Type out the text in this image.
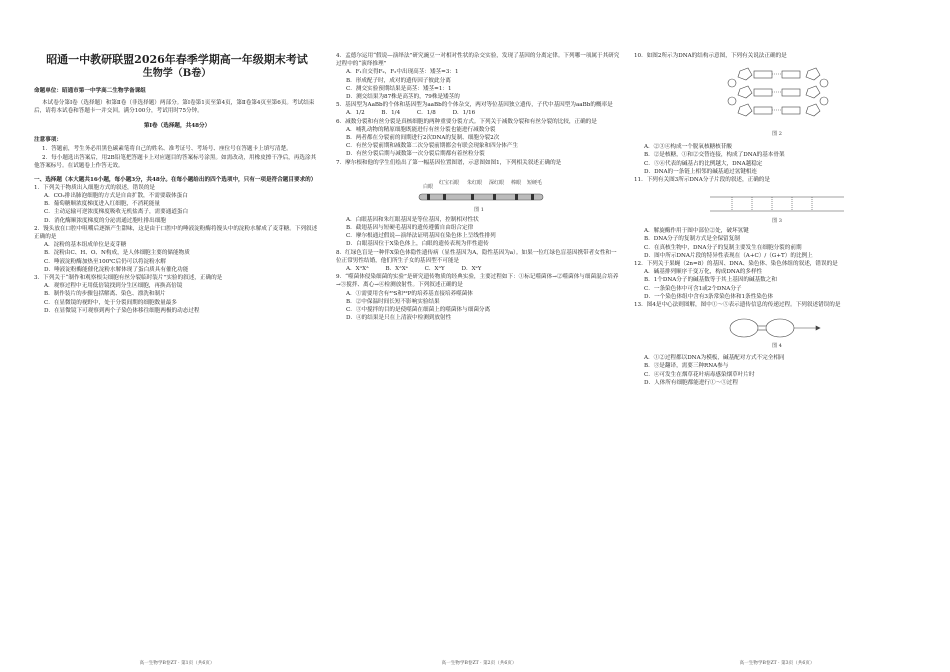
昭通一中教研联盟2026年春季学期高一年级期末考试

生物学（B卷）

命题单位：昭通市第一中学高二生物学备课组

本试卷分第Ⅰ卷（选择题）和第Ⅱ卷（非选择题）两部分。第Ⅰ卷第1页至第4页，第Ⅱ卷第4页至第6页。考试结束后，请将本试卷和答题卡一并交回。满分100分，考试用时75分钟。

第Ⅰ卷（选择题，共48分）

注意事项：

1．答题前，考生务必用黑色碳素笔将自己的姓名、准考证号、考场号、座位号在答题卡上填写清楚。

2．每小题选出答案后，用2B铅笔把答题卡上对应题目的答案标号涂黑。如需改动，用橡皮擦干净后，再选涂其他答案标号。在试题卷上作答无效。

一、选择题（本大题共16小题，每小题3分，共48分。在每小题给出的四个选项中，只有一项是符合题目要求的）

1．下列关于物质出入细胞方式的叙述，错误的是

A．CO₂排出肺泡细胞的方式是自由扩散，不需要载体蛋白

B．葡萄糖顺浓度梯度进入红细胞，不消耗能量

C．主动运输可逆浓度梯度吸收无机盐离子，需要通道蛋白

D．消化酶顺浓度梯度的分泌需通过胞吐排出细胞

2．馒头放在口腔中咀嚼后逐渐产生甜味，这是由于口腔中的唾液淀粉酶将馒头中的淀粉水解成了麦芽糖。下列叙述正确的是

A．淀粉的基本组成单位是麦芽糖

B．淀粉由C、H、O、N构成，是人体细胞主要的储能物质

C．唾液淀粉酶加热至100℃后仍可以将淀粉水解

D．唾液淀粉酶能催化淀粉水解体现了蛋白质具有催化功能

3．下列关于“制作和观察根尖细胞有丝分裂临时装片”实验的叙述，正确的是

A．观察过程中无用低倍镜找到分生区细胞，再换高倍镜

B．制作装片的步骤包括解离、染色、漂洗和制片

C．在显微镜的视野中，处于分裂间期的细胞数量最多

D．在显微镜下可观察到两个子染色体移往细胞两极的动态过程

4．孟德尔运用“假说—演绎法”研究豌豆一对相对性状的杂交实验，发现了基因的分离定律。下列哪一项属于其研究过程中的“演绎推理”

A．F₁自交得F₂，F₂中出现高茎：矮茎=3：1

B．形成配子时，成对的遗传因子彼此分离

C．测交实验预期结果是高茎：矮茎=1：1

D．测交结果为87株是高茎的，79株是矮茎的

5．基因型为AaBb的个体和基因型为aaBb的个体杂交，两对等位基因独立遗传，子代中基因型为aaBb的概率是

A．1/2　　　B．1/4　　　C．1/8　　　D．1/16

6．减数分裂和有丝分裂是真核细胞的两种重要分裂方式。下列关于减数分裂和有丝分裂的比较，正确的是

A．哺乳动物的精原细胞既能进行有丝分裂也能进行减数分裂

B．两者都在分裂前的间期进行2次DNA的复制、细胞分裂2次

C．有丝分裂前期和减数第二次分裂前期都会有联会现象和四分体产生

D．有丝分裂后期与减数第一次分裂后期都有着丝粒分裂

7．摩尔根和他的学生们绘出了第一幅基因位置图谱，示意图如图1，下列相关叙述正确的是

白眼
红宝石眼 朱红眼 深红眼 棒眼 短硬毛
图 1

A．白眼基因和朱红眼基因是等位基因，控制相对性状

B．截翅基因与短硬毛基因的遗传遵循自由组合定律

C．摩尔根通过假说—演绎法证明基因在染色体上呈线性排列

D．白眼基因位于X染色体上，白眼的遗传表现为伴性遗传

8．红绿色盲是一种伴X染色体隐性遗传病（显性基因为A，隐性基因为a）。如果一位红绿色盲基因携带者女性和一位正常男性结婚，他们所生子女的基因型不可能是

A．XᴬXᴬ　　　B．XᴬXᵃ　　　C．XᴬY　　　D．XᵃY

9．“噬菌体侵染细菌的实验”是研究遗传物质的经典实验，主要过程如下：①标记噬菌体→②噬菌体与细菌混合培养→③搅拌、离心→④检测放射性。下列叙述正确的是

A．①需要用含有³⁵S和³²P的培养基直接培养噬菌体

B．②中保温时间长短不影响实验结果

C．③中搅拌的目的是使噬菌在细菌上的噬菌体与细菌分离

D．④的结果是只在上清液中检测到放射性

10．如图2所示为DNA的结构示意图，下列有关说法正确的是

图 2

A．②③④构成一个脱氧核糖核苷酸

B．②是核糖，①和②交替连接，构成了DNA的基本骨架

C．⑤⑥代表的碱基占的比例越大，DNA越稳定

D．DNA的一条链上相邻的碱基通过氢键相连

11．下列有关图3所示DNA分子片段的叙述，正确的是

图 3

A．解旋酶作用于图中部位②处，破坏氢键

B．DNA分子的复制方式是全保留复制

C．在真核生物中，DNA分子的复制主要发生在细胞分裂的前期

D．图中所示DNA片段的特异性表现在（A+C）/（G+T）的比例上

12．下列关于果蝇（2n=8）的基因、DNA、染色体、染色体组的叙述，错误的是

A．碱基排列顺序千变万化，构成DNA的多样性

B．1个DNA分子的碱基数等于其上基因的碱基数之和

C．一条染色体中可含1或2个DNA分子

D．一个染色体组中含有3条常染色体和1条性染色体

13．图4是中心法则图解，图中①～⑤表示遗传信息的传递过程。下列叙述错误的是

图 4

A．①②过程都以DNA为模板，碱基配对方式不完全相同

B．③是翻译，需要三种RNA参与

C．④可发生在烟草花叶病毒感染烟草叶片时

D．人体所有细胞都能进行①～⑤过程

高一生物学B卷ZT · 第1页（共6页）	高一生物学B卷ZT · 第2页（共6页）	高一生物学B卷ZT · 第3页（共6页）
